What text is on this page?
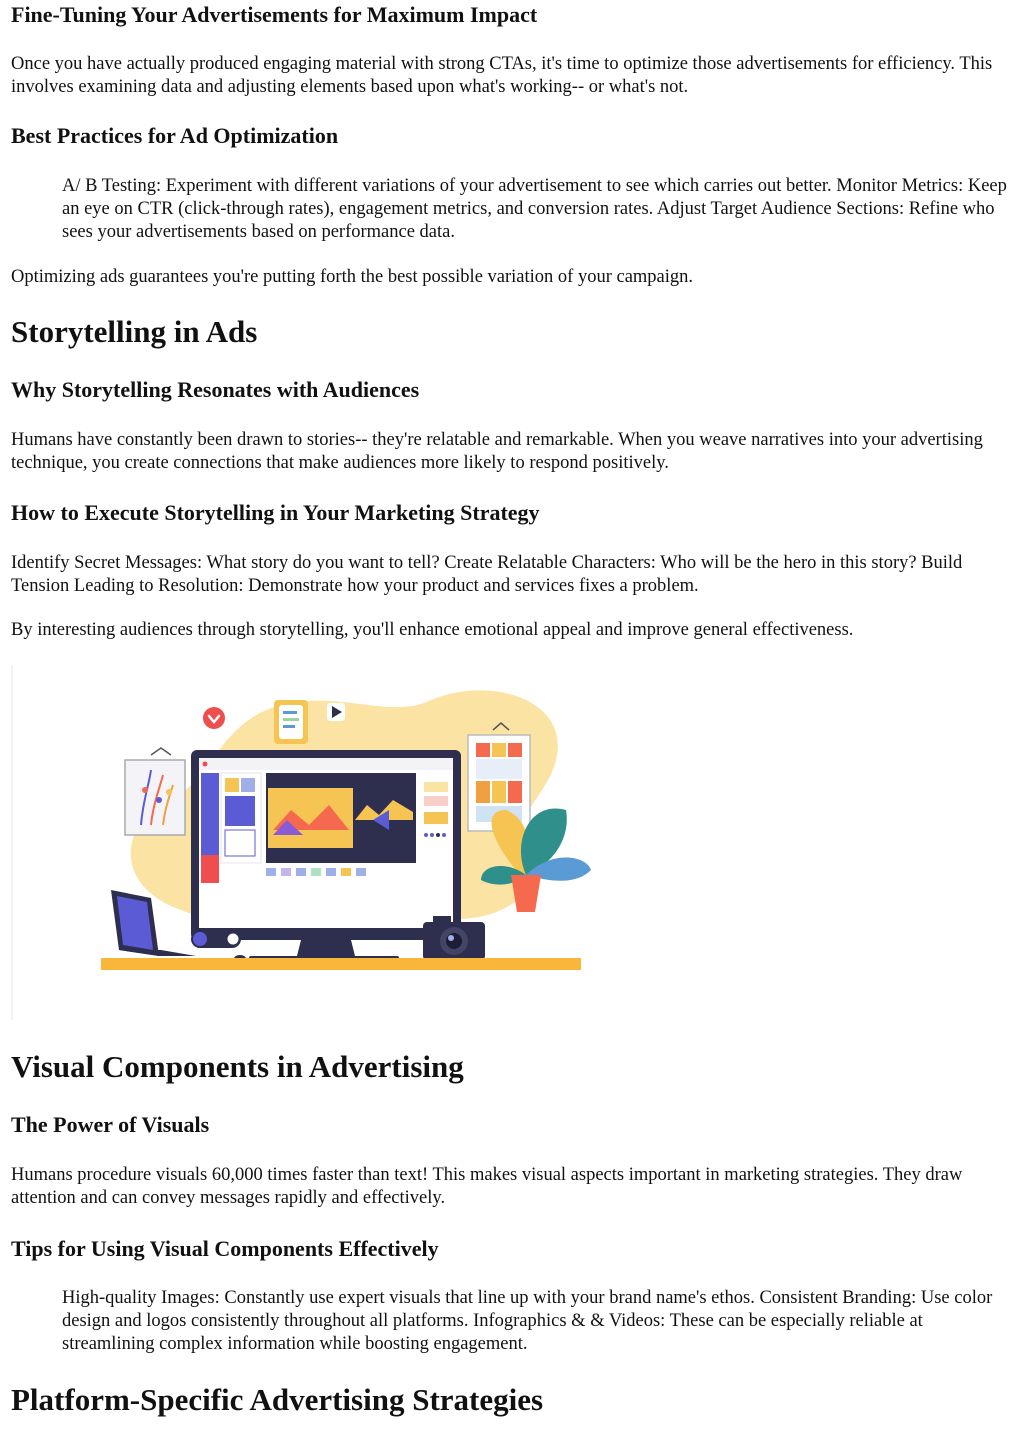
Fine-Tuning Your Advertisements for Maximum Impact

Once you have actually produced engaging material with strong CTAs, it's time to optimize those advertisements for efficiency. This involves examining data and adjusting elements based upon what's working-- or what's not.

Best Practices for Ad Optimization

A/ B Testing: Experiment with different variations of your advertisement to see which carries out better. Monitor Metrics: Keep an eye on CTR (click-through rates), engagement metrics, and conversion rates. Adjust Target Audience Sections: Refine who sees your advertisements based on performance data.

Optimizing ads guarantees you're putting forth the best possible variation of your campaign.

Storytelling in Ads
Why Storytelling Resonates with Audiences

Humans have constantly been drawn to stories-- they're relatable and remarkable. When you weave narratives into your advertising technique, you create connections that make audiences more likely to respond positively.

How to Execute Storytelling in Your Marketing Strategy

Identify Secret Messages: What story do you want to tell? Create Relatable Characters: Who will be the hero in this story? Build Tension Leading to Resolution: Demonstrate how your product and services fixes a problem.

By interesting audiences through storytelling, you'll enhance emotional appeal and improve general effectiveness.

Visual Components in Advertising
The Power of Visuals

Humans procedure visuals 60,000 times faster than text! This makes visual aspects important in marketing strategies. They draw attention and can convey messages rapidly and effectively.

Tips for Using Visual Components Effectively

High-quality Images: Constantly use expert visuals that line up with your brand name's ethos. Consistent Branding: Use color design and logos consistently throughout all platforms. Infographics & & Videos: These can be especially reliable at streamlining complex information while boosting engagement.

Platform-Specific Advertising Strategies
